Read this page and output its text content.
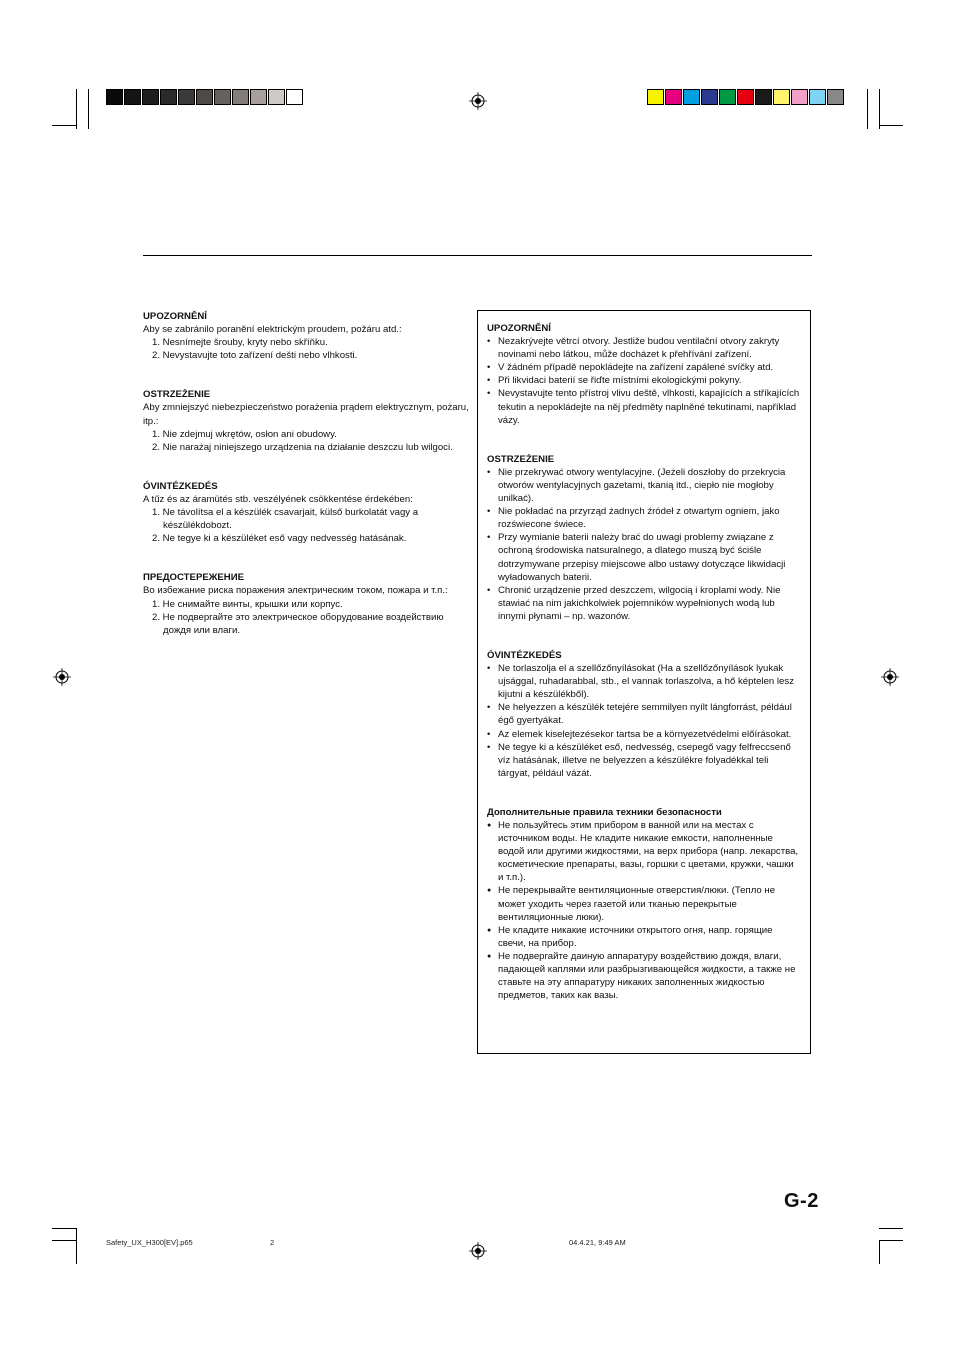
UPOZORNĚNÍ
Aby se zabránilo poranění elektrickým proudem, požáru atd.:
1. Nesnímejte šrouby, kryty nebo skříňku.
2. Nevystavujte toto zařízení dešti nebo vlhkosti.
OSTRZEŻENIE
Aby zmniejszyć niebezpieczeństwo porażenia prądem elektrycznym, pożaru, itp.:
1. Nie zdejmuj wkrętów, osłon ani obudowy.
2. Nie narażaj niniejszego urządzenia na działanie deszczu lub wilgoci.
ÓVINTÉZKEDÉS
A tűz és az áramütés stb. veszélyének csökkentése érdekében:
1. Ne távolítsa el a készülék csavarjait, külső burkolatát vagy a készülékdobozt.
2. Ne tegye ki a készüléket eső vagy nedvesség hatásának.
ПРЕДОСТЕРЕЖЕНИЕ
Во избежание риска поражения электрическим током, пожара и т.п.:
1. Не снимайте винты, крышки или корпус.
2. Не подвергайте это электрическое оборудование воздействию дождя или влаги.
UPOZORNĚNÍ
• Nezakrývejte větrcí otvory. Jestliže budou ventilační otvory zakryty novinami nebo látkou, může docházet k přehřívání zařízení.
• V žádném případě nepokládejte na zařízení zapálené svíčky atd.
• Při likvidaci baterií se řiďte místními ekologickými pokyny.
• Nevystavujte tento přístroj vlivu deště, vlhkosti, kapajících a stříkajících tekutin a nepokládejte na něj předměty naplněné tekutinami, například vázy.
OSTRZEŻENIE
• Nie przekrywać otwory wentylacyjne. (Jeżeli doszłoby do przekrycia otworów wentylacyjnych gazetami, tkanią itd., ciepło nie mogłoby unilkać).
• Nie pokładać na przyrząd żadnych źródeł z otwartym ogniem, jako rozświecone świece.
• Przy wymianie baterii należy brać do uwagi problemy związane z ochroną środowiska natsuralnego, a dlatego muszą być ściśle dotrzymywane przepisy miejscowe albo ustawy dotyczące likwidacji wyładowanych baterii.
• Chronić urządzenie przed deszczem, wilgocią i kroplami wody. Nie stawiać na nim jakichkolwiek pojemników wypełnionych wodą lub innymi płynami – np. wazonów.
ÓVINTÉZKEDÉS
• Ne torlaszolja el a szellőzőnyílásokat (Ha a szellőzőnyílások lyukak ujsággal, ruhadarabbal, stb., el vannak torlaszolva, a hő képtelen lesz kijutni a készülékből).
• Ne helyezzen a készülék tetejére semmilyen nyílt lángforrást, például égő gyertyákat.
• Az elemek kiselejtezésekor tartsa be a környezetvédelmi előírásokat.
• Ne tegye ki a készüléket eső, nedvesség, csepegő vagy felfreccsenő víz hatásának, illetve ne belyezzen a készülékre folyadékkal teli tárgyat, például vázát.
Дополнительные правила техники безопасности
● Не пользуйтесь этим прибором в ванной или на местах с источником воды. Не кладите никакие емкости, наполненные водой или другими жидкостями, на верх прибора (напр. лекарства, косметические препараты, вазы, горшки с цветами, кружки, чашки и т.п.).
● Не перекрывайте вентиляционные отверстия/люки. (Тепло не может уходить через газетой или тканью перекрытые вентиляционные люки).
● Не кладите никакие источники открытого огня, напр. горящие свечи, на прибор.
● Не подвергайте даиную аппаратуру воздействию дождя, влаги, падающей каплями или разбрызгивающейся жидкости, а также не ставьте на эту аппаратуру никаких заполненных жидкостью предметов, таких как вазы.
G-2
Safety_UX_H300[EV].p65	2	04.4.21, 9:49 AM
